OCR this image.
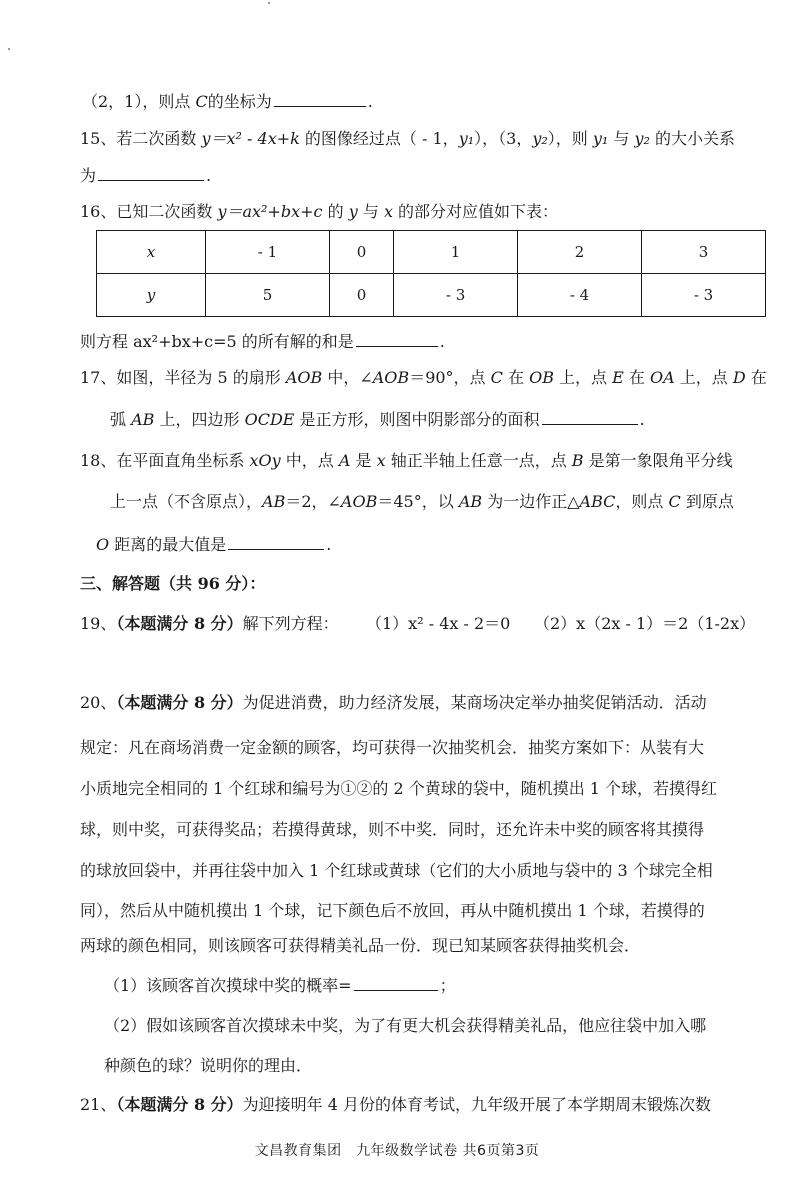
（2，1），则点 C的坐标为	.
15、若二次函数 y＝x² - 4x+k 的图像经过点（ - 1，y₁），（3，y₂），则 y₁ 与 y₂ 的大小关系
为	.
16、已知二次函数 y＝ax²+bx+c 的 y 与 x 的部分对应值如下表：
x	- 1	0	1	2	3
y	5	0	- 3	- 4	- 3
则方程 ax²+bx+c=5 的所有解的和是	.
17、如图，半径为 5 的扇形 AOB 中，∠AOB＝90°，点 C 在 OB 上，点 E 在 OA 上，点 D 在
弧 AB 上，四边形 OCDE 是正方形，则图中阴影部分的面积	.
18、在平面直角坐标系 xOy 中，点 A 是 x 轴正半轴上任意一点，点 B 是第一象限角平分线
上一点（不含原点），AB＝2，∠AOB＝45°，以 AB 为一边作正△ABC，则点 C 到原点
O 距离的最大值是	.
三、解答题（共 96 分）：
19、（本题满分 8 分）解下列方程： （1）x² - 4x - 2＝0 （2）x（2x - 1）＝2（1-2x）
20、（本题满分 8 分）为促进消费，助力经济发展，某商场决定举办抽奖促销活动．活动
规定：凡在商场消费一定金额的顾客，均可获得一次抽奖机会．抽奖方案如下：从装有大
小质地完全相同的 1 个红球和编号为①②的 2 个黄球的袋中，随机摸出 1 个球，若摸得红
球，则中奖，可获得奖品；若摸得黄球，则不中奖．同时，还允许未中奖的顾客将其摸得
的球放回袋中，并再往袋中加入 1 个红球或黄球（它们的大小质地与袋中的 3 个球完全相
同），然后从中随机摸出 1 个球，记下颜色后不放回，再从中随机摸出 1 个球，若摸得的
两球的颜色相同，则该顾客可获得精美礼品一份．现已知某顾客获得抽奖机会．
（1）该顾客首次摸球中奖的概率=	；
（2）假如该顾客首次摸球未中奖，为了有更大机会获得精美礼品，他应往袋中加入哪
种颜色的球？说明你的理由．
21、（本题满分 8 分）为迎接明年 4 月份的体育考试，九年级开展了本学期周末锻炼次数
文昌教育集团　九年级数学试卷 共6页第3页
